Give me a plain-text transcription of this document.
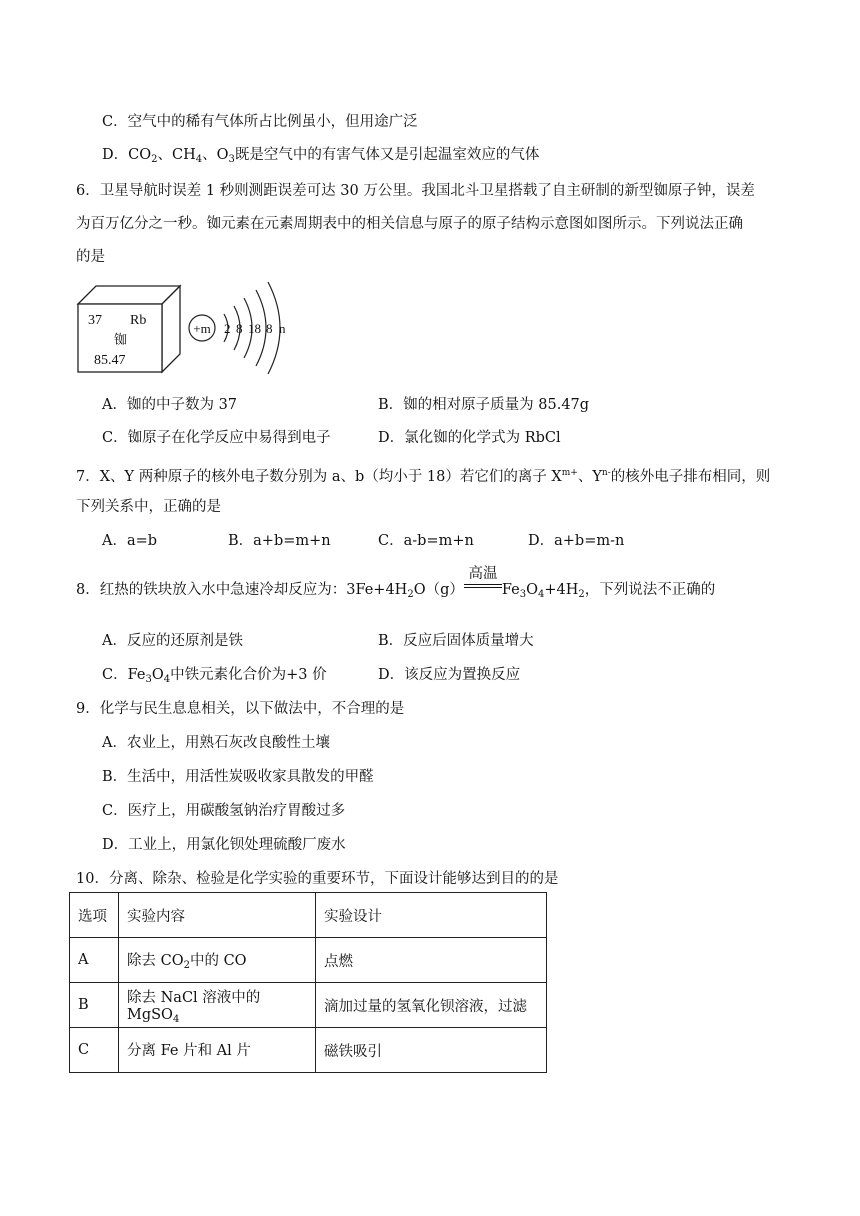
C．空气中的稀有气体所占比例虽小，但用途广泛
D．$CO_2$、$CH_4$、$O_3$既是空气中的有害气体又是引起温室效应的气体
6．卫星导航时误差 1 秒则测距误差可达 30 万公里。我国北斗卫星搭载了自主研制的新型铷原子钟，误差
为百万亿分之一秒。铷元素在元素周期表中的相关信息与原子的原子结构示意图如图所示。下列说法正确
的是
37 Rb
铷
85.47
+m 2 8 18 8 n
A．铷的中子数为 37	B．铷的相对原子质量为 85.47g
C．铷原子在化学反应中易得到电子	D．氯化铷的化学式为 RbCl
7．X、Y 两种原子的核外电子数分别为 a、b（均小于 18）若它们的离子 $X^{m+}$、$Y^{n-}$的核外电子排布相同，则
下列关系中，正确的是
A．a=b	B．a+b=m+n	C．a-b=m+n	D．a+b=m-n
高温
8．红热的铁块放入水中急速冷却反应为：$3Fe+4H_2O(g)$	$Fe_3O_4+4H_2$，下列说法不正确的
A．反应的还原剂是铁	B．反应后固体质量增大
C．$Fe_3O_4$中铁元素化合价为+3 价	D．该反应为置换反应
9．化学与民生息息相关，以下做法中，不合理的是
A．农业上，用熟石灰改良酸性土壤
B．生活中，用活性炭吸收家具散发的甲醛
C．医疗上，用碳酸氢钠治疗胃酸过多
D．工业上，用氯化钡处理硫酸厂废水
10．分离、除杂、检验是化学实验的重要环节，下面设计能够达到目的的是
选项	实验内容	实验设计
A	除去 $CO_2$中的 CO	点燃
B	除去 NaCl 溶液中的 MgSO$_4$	滴加过量的氢氧化钡溶液，过滤
C	分离 Fe 片和 Al 片	磁铁吸引
